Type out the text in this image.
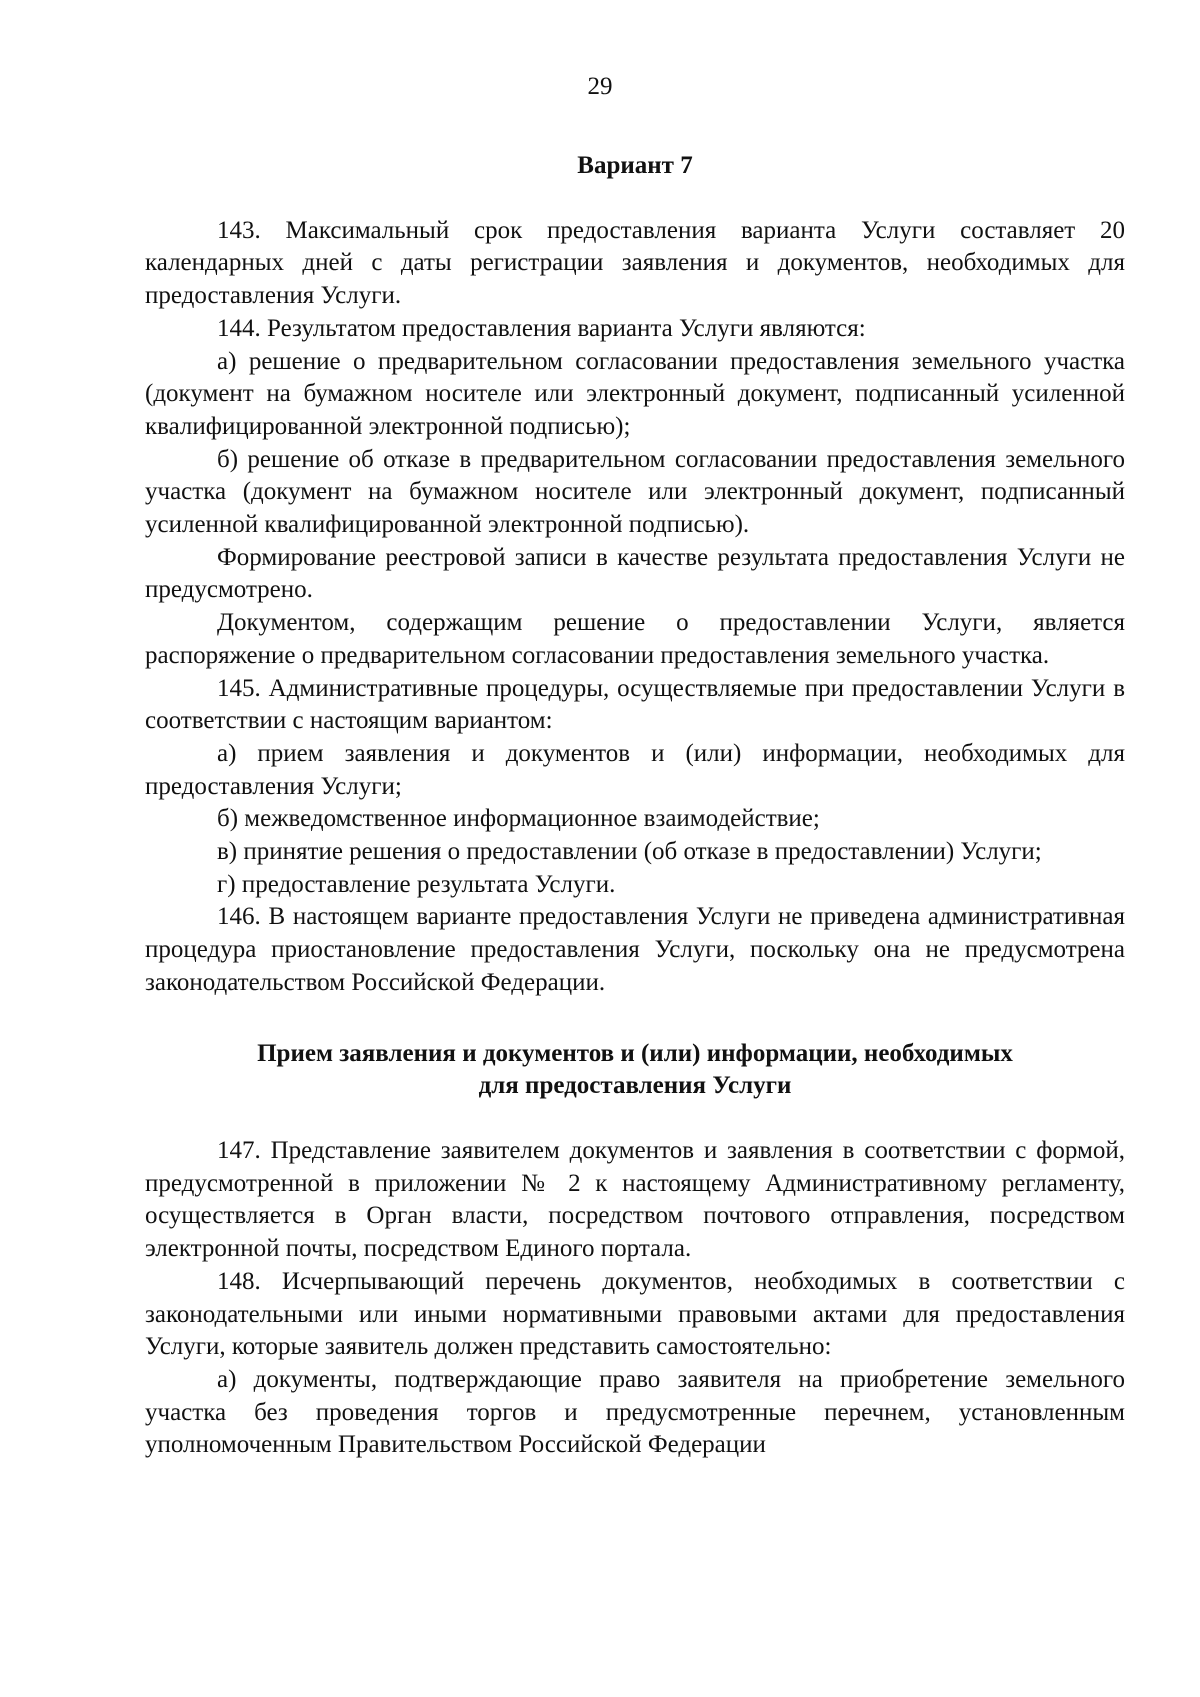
29

Вариант 7

143. Максимальный срок предоставления варианта Услуги составляет 20 календарных дней с даты регистрации заявления и документов, необходимых для предоставления Услуги.

144. Результатом предоставления варианта Услуги являются:

а) решение о предварительном согласовании предоставления земельного участка (документ на бумажном носителе или электронный документ, подписанный усиленной квалифицированной электронной подписью);

б) решение об отказе в предварительном согласовании предоставления земельного участка (документ на бумажном носителе или электронный документ, подписанный усиленной квалифицированной электронной подписью).

Формирование реестровой записи в качестве результата предоставления Услуги не предусмотрено.

Документом, содержащим решение о предоставлении Услуги, является распоряжение о предварительном согласовании предоставления земельного участка.

145. Административные процедуры, осуществляемые при предоставлении Услуги в соответствии с настоящим вариантом:

а) прием заявления и документов и (или) информации, необходимых для предоставления Услуги;

б) межведомственное информационное взаимодействие;

в) принятие решения о предоставлении (об отказе в предоставлении) Услуги;

г) предоставление результата Услуги.

146. В настоящем варианте предоставления Услуги не приведена административная процедура приостановление предоставления Услуги, поскольку она не предусмотрена законодательством Российской Федерации.

Прием заявления и документов и (или) информации, необходимых
для предоставления Услуги

147. Представление заявителем документов и заявления в соответствии с формой, предусмотренной в приложении № 2 к настоящему Административному регламенту, осуществляется в Орган власти, посредством почтового отправления, посредством электронной почты, посредством Единого портала.

148. Исчерпывающий перечень документов, необходимых в соответствии с законодательными или иными нормативными правовыми актами для предоставления Услуги, которые заявитель должен представить самостоятельно:

а) документы, подтверждающие право заявителя на приобретение земельного участка без проведения торгов и предусмотренные перечнем, установленным уполномоченным Правительством Российской Федерации
